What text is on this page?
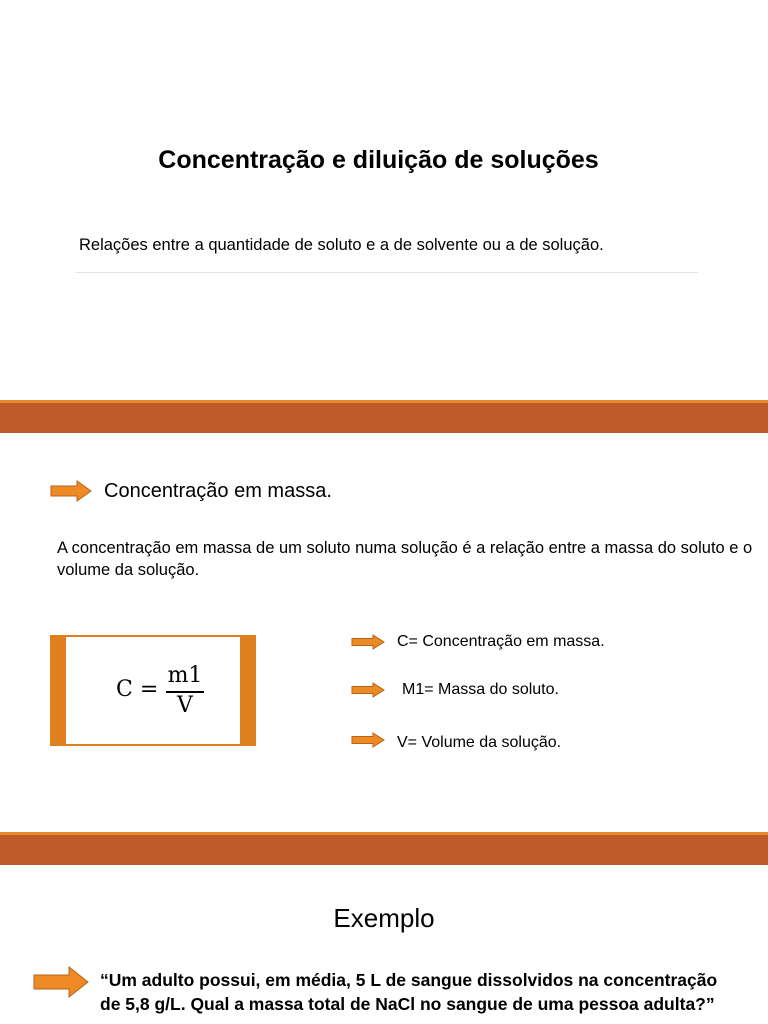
Concentração e diluição de soluções
Relações entre a quantidade de soluto e a de solvente ou a de solução.
Concentração em massa.
A concentração em massa de um soluto numa solução é a relação entre a massa do soluto e o volume da solução.
C =
m1
V
C= Concentração em massa.
M1= Massa do soluto.
V= Volume da solução.
Exemplo
“Um adulto possui, em média, 5 L de sangue dissolvidos na concentração de 5,8 g/L. Qual a massa total de NaCl no sangue de uma pessoa adulta?”
